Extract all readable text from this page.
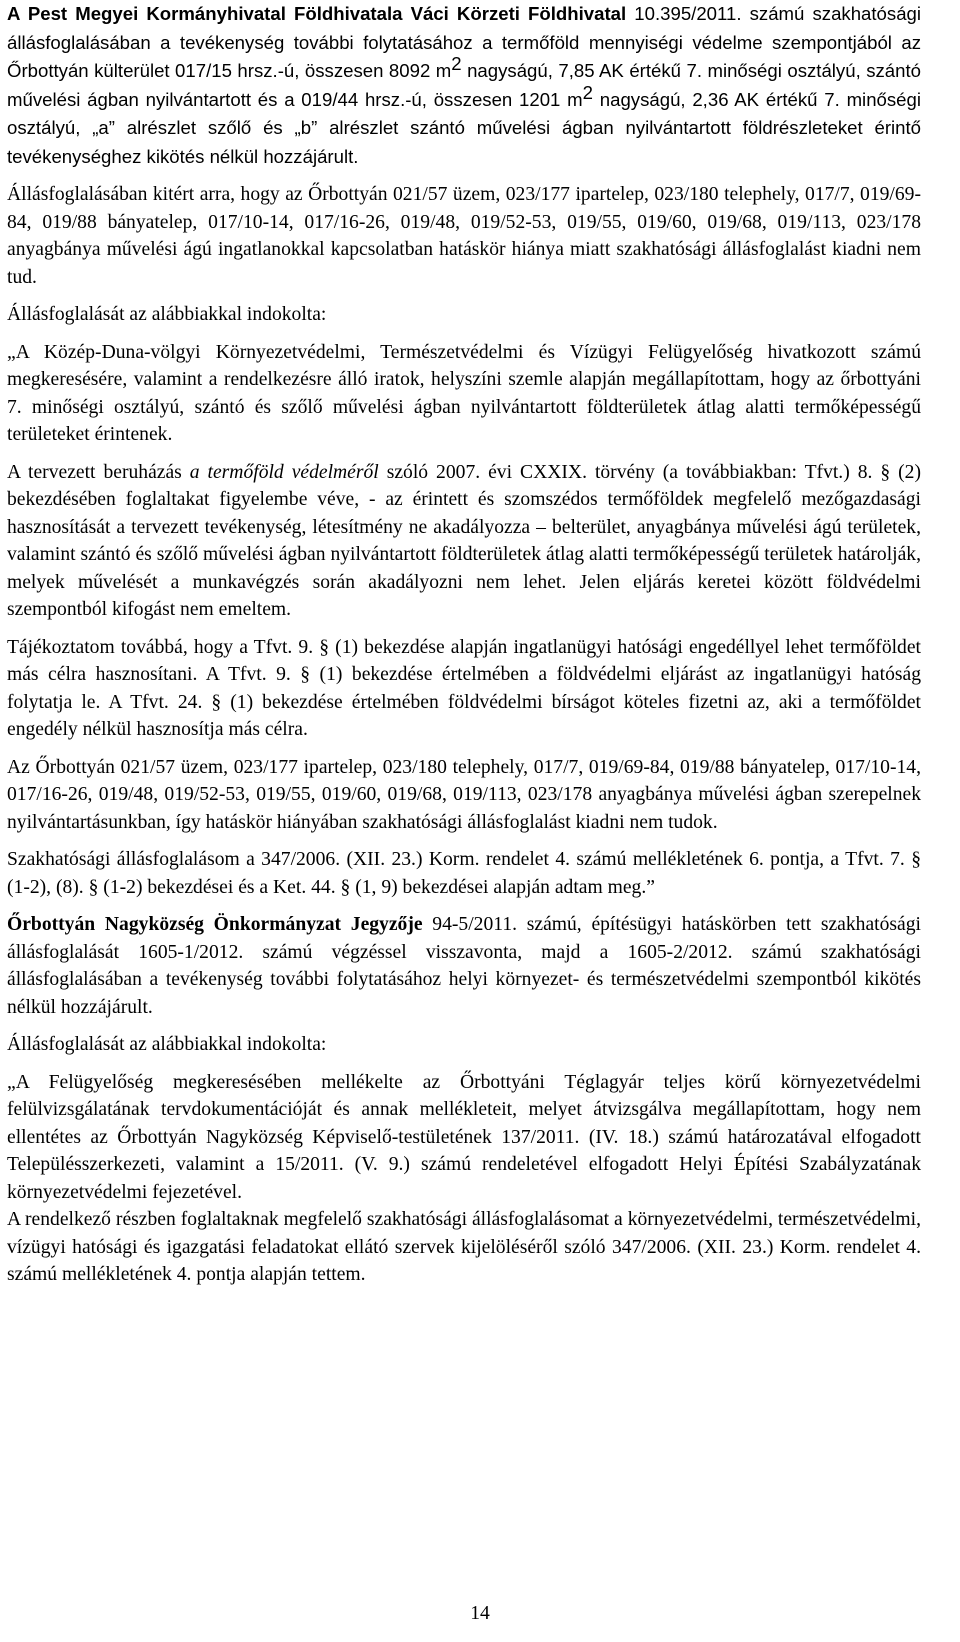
A Pest Megyei Kormányhivatal Földhivatala Váci Körzeti Földhivatal 10.395/2011. számú szakhatósági állásfoglalásában a tevékenység további folytatásához a termőföld mennyiségi védelme szempontjából az Őrbottyán külterület 017/15 hrsz.-ú, összesen 8092 $m^2$ nagyságú, 7,85 AK értékű 7. minőségi osztályú, szántó művelési ágban nyilvántartott és a 019/44 hrsz.-ú, összesen 1201 $m^2$ nagyságú, 2,36 AK értékű 7. minőségi osztályú, „a” alrészlet szőlő és „b” alrészlet szántó művelési ágban nyilvántartott földrészleteket érintő tevékenységhez kikötés nélkül hozzájárult.

Állásfoglalásában kitért arra, hogy az Őrbottyán 021/57 üzem, 023/177 ipartelep, 023/180 telephely, 017/7, 019/69-84, 019/88 bányatelep, 017/10-14, 017/16-26, 019/48, 019/52-53, 019/55, 019/60, 019/68, 019/113, 023/178 anyagbánya művelési ágú ingatlanokkal kapcsolatban hatáskör hiánya miatt szakhatósági állásfoglalást kiadni nem tud.

Állásfoglalását az alábbiakkal indokolta:

„A Közép-Duna-völgyi Környezetvédelmi, Természetvédelmi és Vízügyi Felügyelőség hivatkozott számú megkeresésére, valamint a rendelkezésre álló iratok, helyszíni szemle alapján megállapítottam, hogy az őrbottyáni 7. minőségi osztályú, szántó és szőlő művelési ágban nyilvántartott földterületek átlag alatti termőképességű területeket érintenek.

A tervezett beruházás a termőföld védelméről szóló 2007. évi CXXIX. törvény (a továbbiakban: Tfvt.) 8. § (2) bekezdésében foglaltakat figyelembe véve, - az érintett és szomszédos termőföldek megfelelő mezőgazdasági hasznosítását a tervezett tevékenység, létesítmény ne akadályozza – belterület, anyagbánya művelési ágú területek, valamint szántó és szőlő művelési ágban nyilvántartott földterületek átlag alatti termőképességű területek határolják, melyek művelését a munkavégzés során akadályozni nem lehet. Jelen eljárás keretei között földvédelmi szempontból kifogást nem emeltem.

Tájékoztatom továbbá, hogy a Tfvt. 9. § (1) bekezdése alapján ingatlanügyi hatósági engedéllyel lehet termőföldet más célra hasznosítani. A Tfvt. 9. § (1) bekezdése értelmében a földvédelmi eljárást az ingatlanügyi hatóság folytatja le. A Tfvt. 24. § (1) bekezdése értelmében földvédelmi bírságot köteles fizetni az, aki a termőföldet engedély nélkül hasznosítja más célra.

Az Őrbottyán 021/57 üzem, 023/177 ipartelep, 023/180 telephely, 017/7, 019/69-84, 019/88 bányatelep, 017/10-14, 017/16-26, 019/48, 019/52-53, 019/55, 019/60, 019/68, 019/113, 023/178 anyagbánya művelési ágban szerepelnek nyilvántartásunkban, így hatáskör hiányában szakhatósági állásfoglalást kiadni nem tudok.

Szakhatósági állásfoglalásom a 347/2006. (XII. 23.) Korm. rendelet 4. számú mellékletének 6. pontja, a Tfvt. 7. § (1-2), (8). § (1-2) bekezdései és a Ket. 44. § (1, 9) bekezdései alapján adtam meg.”

Őrbottyán Nagyközség Önkormányzat Jegyzője 94-5/2011. számú, építésügyi hatáskörben tett szakhatósági állásfoglalását 1605-1/2012. számú végzéssel visszavonta, majd a 1605-2/2012. számú szakhatósági állásfoglalásában a tevékenység további folytatásához helyi környezet- és természetvédelmi szempontból kikötés nélkül hozzájárult.

Állásfoglalását az alábbiakkal indokolta:

„A Felügyelőség megkeresésében mellékelte az Őrbottyáni Téglagyár teljes körű környezetvédelmi felülvizsgálatának tervdokumentációját és annak mellékleteit, melyet átvizsgálva megállapítottam, hogy nem ellentétes az Őrbottyán Nagyközség Képviselő-testületének 137/2011. (IV. 18.) számú határozatával elfogadott Településszerkezeti, valamint a 15/2011. (V. 9.) számú rendeletével elfogadott Helyi Építési Szabályzatának környezetvédelmi fejezetével.

A rendelkező részben foglaltaknak megfelelő szakhatósági állásfoglalásomat a környezetvédelmi, természetvédelmi, vízügyi hatósági és igazgatási feladatokat ellátó szervek kijelöléséről szóló 347/2006. (XII. 23.) Korm. rendelet 4. számú mellékletének 4. pontja alapján tettem.

14
